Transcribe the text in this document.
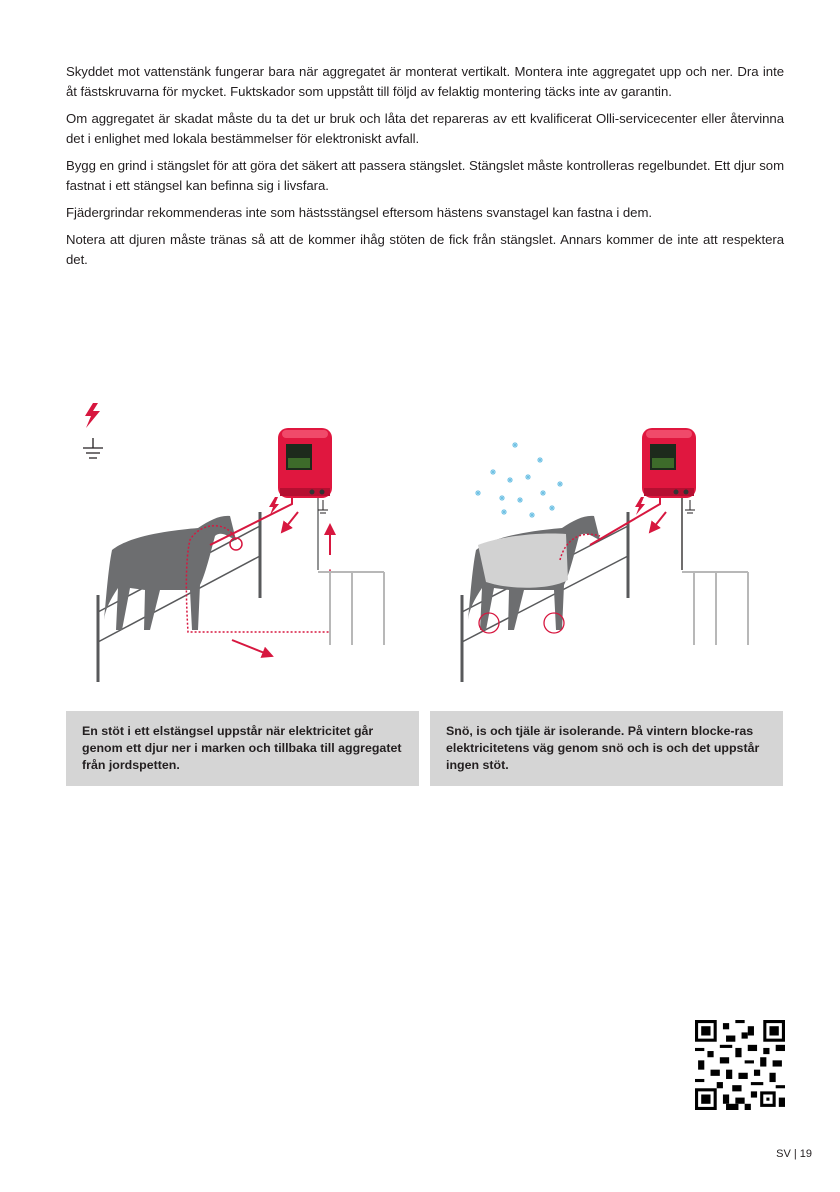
Skyddet mot vattenstänk fungerar bara när aggregatet är monterat vertikalt. Montera inte aggregatet upp och ner. Dra inte åt fästskruvarna för mycket. Fuktskador som uppstått till följd av felaktig montering täcks inte av garantin.

Om aggregatet är skadat måste du ta det ur bruk och låta det repareras av ett kvalificerat Olli-servicecenter eller återvinna det i enlighet med lokala bestämmelser för elektroniskt avfall.

Bygg en grind i stängslet för att göra det säkert att passera stängslet. Stängslet måste kontrolleras regelbundet. Ett djur som fastnat i ett stängsel kan befinna sig i livsfara.

Fjädergrindar rekommenderas inte som hästsstängsel eftersom hästens svanstagel kan fastna i dem.

Notera att djuren måste tränas så att de kommer ihåg stöten de fick från stängslet. Annars kommer de inte att respektera det.

En stöt i ett elstängsel uppstår när elektricitet går genom ett djur ner i marken och tillbaka till aggregatet från jordspetten.
Snö, is och tjäle är isolerande. På vintern blocke-ras elektricitetens väg genom snö och is och det uppstår ingen stöt.
SV | 19
